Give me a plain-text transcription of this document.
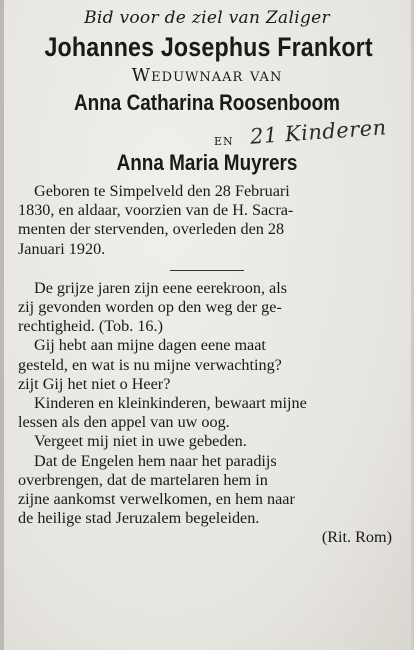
Bid voor de ziel van Zaliger
Johannes Josephus Frankort
Weduwnaar van
Anna Catharina Roosenboom
en 21 Kinderen
Anna Maria Muyrers
Geboren te Simpelveld den 28 Februari
1830, en aldaar, voorzien van de H. Sacra-
menten der stervenden, overleden den 28
Januari 1920.
De grijze jaren zijn eene eerekroon, als
zij gevonden worden op den weg der ge-
rechtigheid. (Tob. 16.)
Gij hebt aan mijne dagen eene maat
gesteld, en wat is nu mijne verwachting?
zijt Gij het niet o Heer?
Kinderen en kleinkinderen, bewaart mijne
lessen als den appel van uw oog.
Vergeet mij niet in uwe gebeden.
Dat de Engelen hem naar het paradijs
overbrengen, dat de martelaren hem in
zijne aankomst verwelkomen, en hem naar
de heilige stad Jeruzalem begeleiden.
(Rit. Rom)
